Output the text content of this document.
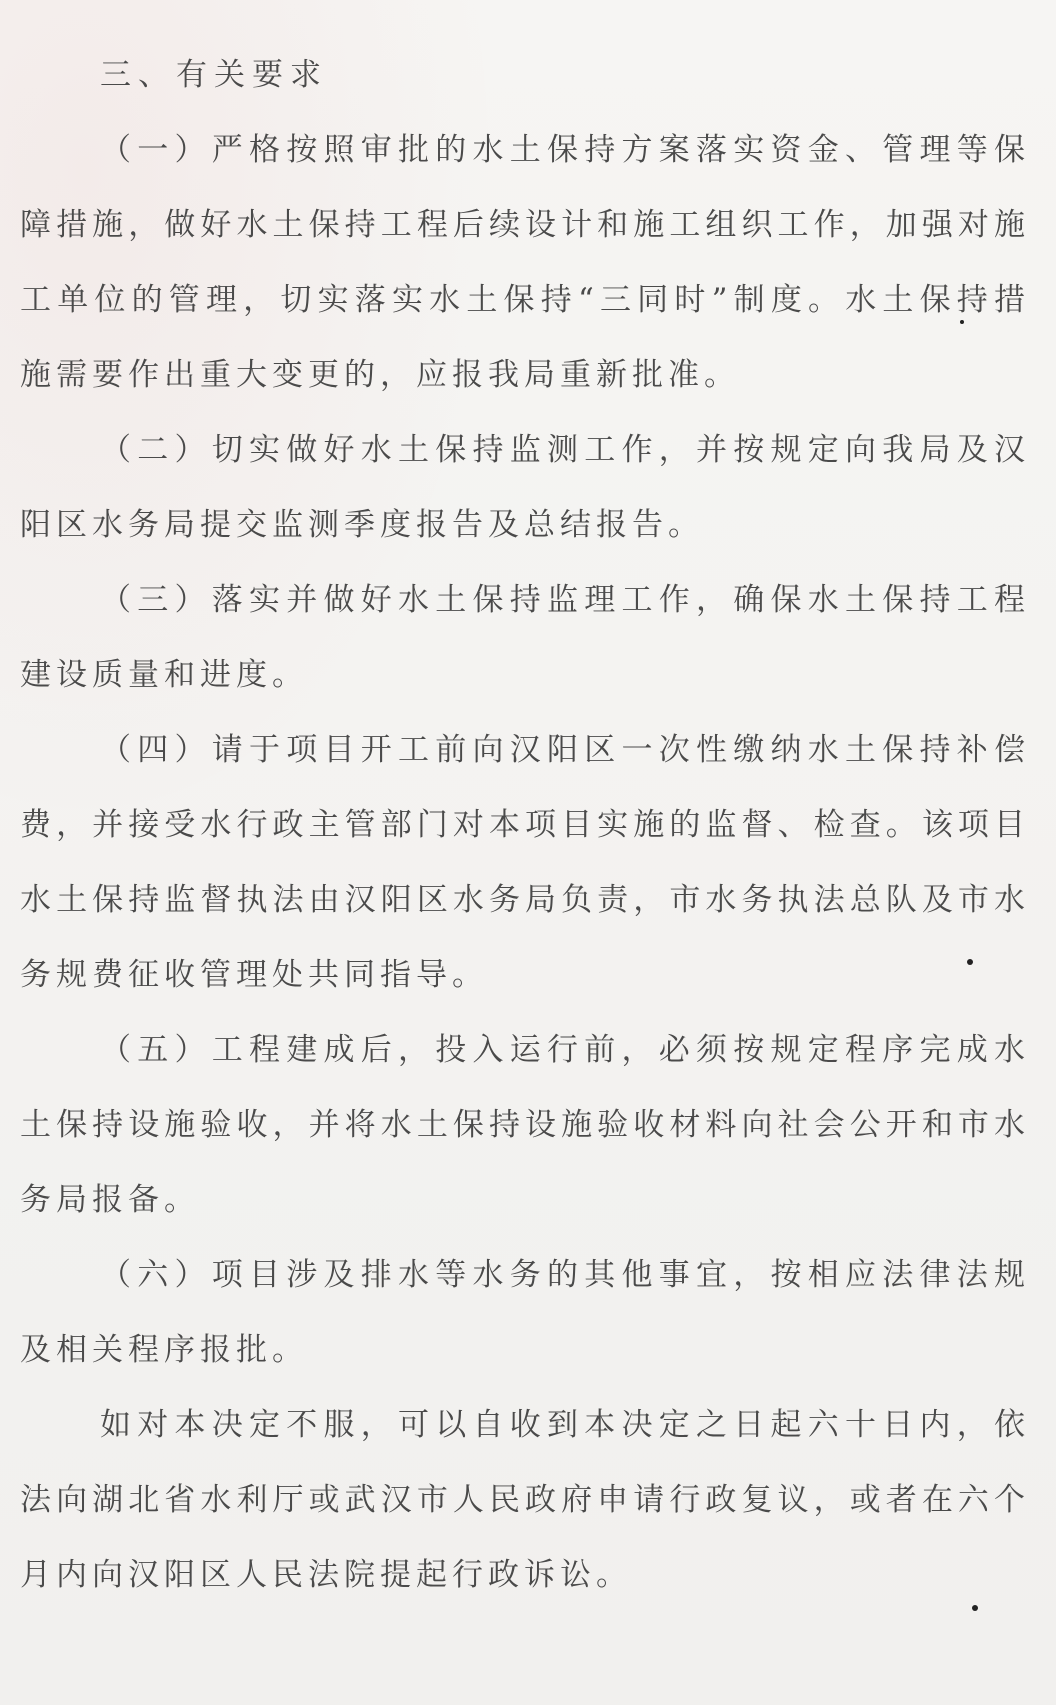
三、有关要求

（一）严格按照审批的水土保持方案落实资金、管理等保障措施，做好水土保持工程后续设计和施工组织工作，加强对施工单位的管理，切实落实水土保持“三同时”制度。水土保持措施需要作出重大变更的，应报我局重新批准。

（二）切实做好水土保持监测工作，并按规定向我局及汉阳区水务局提交监测季度报告及总结报告。

（三）落实并做好水土保持监理工作，确保水土保持工程建设质量和进度。

（四）请于项目开工前向汉阳区一次性缴纳水土保持补偿费，并接受水行政主管部门对本项目实施的监督、检查。该项目水土保持监督执法由汉阳区水务局负责，市水务执法总队及市水务规费征收管理处共同指导。

（五）工程建成后，投入运行前，必须按规定程序完成水土保持设施验收，并将水土保持设施验收材料向社会公开和市水务局报备。

（六）项目涉及排水等水务的其他事宜，按相应法律法规及相关程序报批。

如对本决定不服，可以自收到本决定之日起六十日内，依法向湖北省水利厅或武汉市人民政府申请行政复议，或者在六个月内向汉阳区人民法院提起行政诉讼。
